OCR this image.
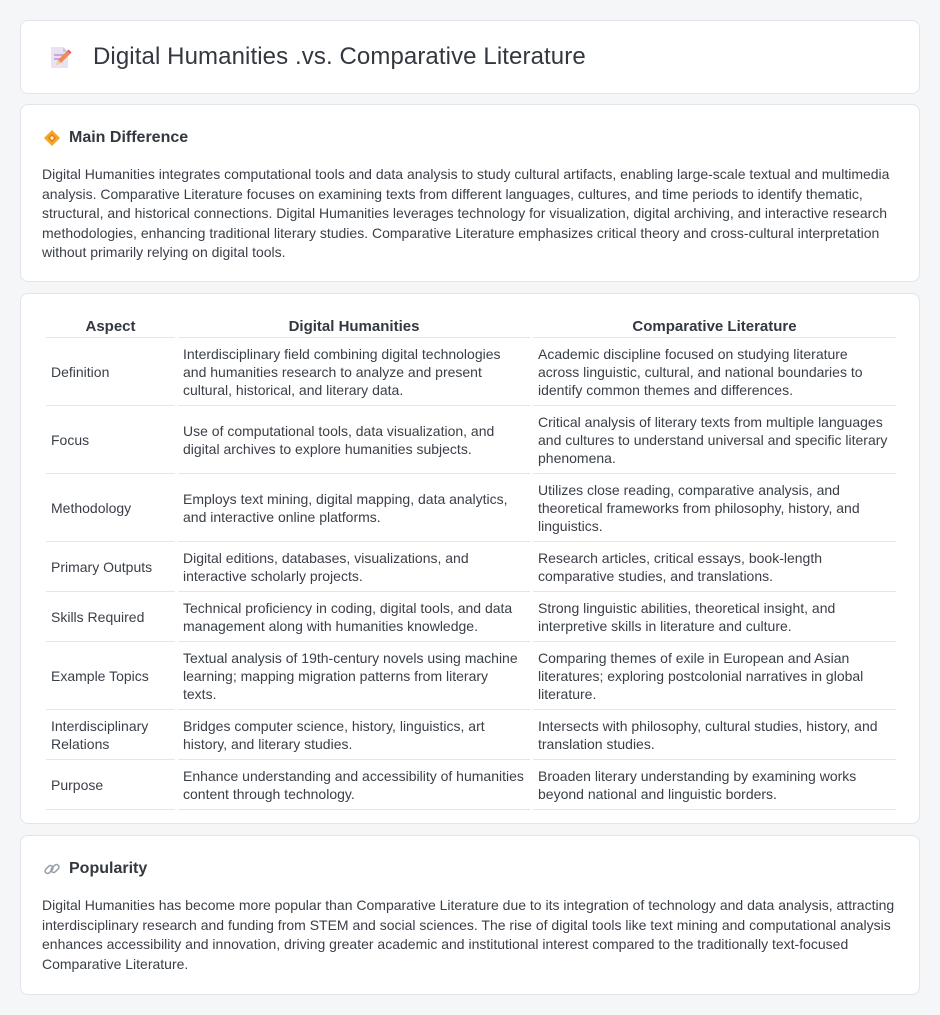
Digital Humanities .vs. Comparative Literature
Main Difference

Digital Humanities integrates computational tools and data analysis to study cultural artifacts, enabling large-scale textual and multimedia analysis. Comparative Literature focuses on examining texts from different languages, cultures, and time periods to identify thematic, structural, and historical connections. Digital Humanities leverages technology for visualization, digital archiving, and interactive research methodologies, enhancing traditional literary studies. Comparative Literature emphasizes critical theory and cross-cultural interpretation without primarily relying on digital tools.

Aspect	Digital Humanities	Comparative Literature
Definition	Interdisciplinary field combining digital technologies and humanities research to analyze and present cultural, historical, and literary data.	Academic discipline focused on studying literature across linguistic, cultural, and national boundaries to identify common themes and differences.
Focus	Use of computational tools, data visualization, and digital archives to explore humanities subjects.	Critical analysis of literary texts from multiple languages and cultures to understand universal and specific literary phenomena.
Methodology	Employs text mining, digital mapping, data analytics, and interactive online platforms.	Utilizes close reading, comparative analysis, and theoretical frameworks from philosophy, history, and linguistics.
Primary Outputs	Digital editions, databases, visualizations, and interactive scholarly projects.	Research articles, critical essays, book-length comparative studies, and translations.
Skills Required	Technical proficiency in coding, digital tools, and data management along with humanities knowledge.	Strong linguistic abilities, theoretical insight, and interpretive skills in literature and culture.
Example Topics	Textual analysis of 19th-century novels using machine learning; mapping migration patterns from literary texts.	Comparing themes of exile in European and Asian literatures; exploring postcolonial narratives in global literature.
Interdisciplinary Relations	Bridges computer science, history, linguistics, art history, and literary studies.	Intersects with philosophy, cultural studies, history, and translation studies.
Purpose	Enhance understanding and accessibility of humanities content through technology.	Broaden literary understanding by examining works beyond national and linguistic borders.
Popularity

Digital Humanities has become more popular than Comparative Literature due to its integration of technology and data analysis, attracting interdisciplinary research and funding from STEM and social sciences. The rise of digital tools like text mining and computational analysis enhances accessibility and innovation, driving greater academic and institutional interest compared to the traditionally text-focused Comparative Literature.
